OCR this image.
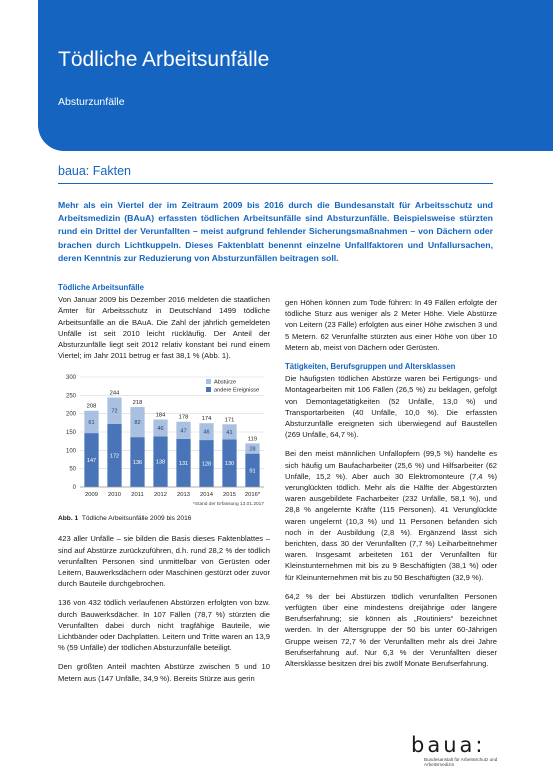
Tödliche Arbeitsunfälle
Absturzunfälle
baua: Fakten

Mehr als ein Viertel der im Zeitraum 2009 bis 2016 durch die Bundesanstalt für Arbeitsschutz und Arbeitsmedizin (BAuA) erfassten tödlichen Arbeitsunfälle sind Absturzunfälle. Beispielsweise stürzten rund ein Drittel der Verunfallten – meist aufgrund fehlender Sicherungsmaßnahmen – von Dächern oder brachen durch Lichtkuppeln. Dieses Faktenblatt benennt einzelne Unfallfaktoren und Unfallursachen, deren Kenntnis zur Reduzierung von Absturzunfällen beitragen soll.

Tödliche Arbeitsunfälle

Von Januar 2009 bis Dezember 2016 meldeten die staatlichen Ämter für Arbeitsschutz in Deutschland 1499 tödliche Arbeitsunfälle an die BAuA. Die Zahl der jährlich gemeldeten Unfälle ist seit 2010 leicht rückläufig. Der Anteil der Absturzunfälle liegt seit 2012 relativ konstant bei rund einem Viertel; im Jahr 2011 betrug er fast 38,1 % (Abb. 1).

0
50
100
150
200
250
300
147
61
208
2009
172
72
244
2010
136
82
218
2011
138
46
184
2012
131
47
178
2013
128
46
174
2014
130
41
171
2015
91
28
119
2016*
Abstürze
andere Ereignisse
*Stand der Erfassung 13.01.2017

Abb. 1 Tödliche Arbeitsunfälle 2009 bis 2016

423 aller Unfälle – sie bilden die Basis dieses Faktenblattes – sind auf Abstürze zurückzuführen, d.h. rund 28,2 % der tödlich verunfallten Personen sind unmittelbar von Gerüsten oder Leitern, Bauwerksdächern oder Maschinen gestürzt oder zuvor durch Bauteile durchgebrochen.

136 von 432 tödlich verlaufenen Abstürzen erfolgten von bzw. durch Bauwerksdächer. In 107 Fällen (78,7 %) stürzten die Verunfallten dabei durch nicht tragfähige Bauteile, wie Lichtbänder oder Dachplatten. Leitern und Tritte waren an 13,9 % (59 Unfälle) der tödlichen Absturzunfälle beteiligt.

Den größten Anteil machten Abstürze zwischen 5 und 10 Metern aus (147 Unfälle, 34,9 %). Bereits Stürze aus gerin

gen Höhen können zum Tode führen: In 49 Fällen erfolgte der tödliche Sturz aus weniger als 2 Meter Höhe. Viele Abstürze von Leitern (23 Fälle) erfolgten aus einer Höhe zwischen 3 und 5 Metern. 62 Verunfallte stürzten aus einer Höhe von über 10 Metern ab, meist von Dächern oder Gerüsten.

Tätigkeiten, Berufsgruppen und Altersklassen

Die häufigsten tödlichen Abstürze waren bei Fertigungs- und Montagearbeiten mit 106 Fällen (26,5 %) zu beklagen, gefolgt von Demontagetätigkeiten (52 Unfälle, 13,0 %) und Transportarbeiten (40 Unfälle, 10,0 %). Die erfassten Absturzunfälle ereigneten sich überwiegend auf Baustellen (269 Unfälle, 64,7 %).

Bei den meist männlichen Unfallopfern (99,5 %) handelte es sich häufig um Baufacharbeiter (25,6 %) und Hilfsarbeiter (62 Unfälle, 15,2 %). Aber auch 30 Elektromonteure (7,4 %) verunglückten tödlich. Mehr als die Hälfte der Abgestürzten waren ausgebildete Facharbeiter (232 Unfälle, 58,1 %), und 28,8 % angelernte Kräfte (115 Personen). 41 Verunglückte waren ungelernt (10,3 %) und 11 Personen befanden sich noch in der Ausbildung (2,8 %). Ergänzend lässt sich berichten, dass 30 der Verunfallten (7,7 %) Leiharbeitnehmer waren. Insgesamt arbeiteten 161 der Verunfallten für Kleinstunternehmen mit bis zu 9 Beschäftigten (38,1 %) oder für Kleinunternehmen mit bis zu 50 Beschäftigten (32,9 %).

64,2 % der bei Abstürzen tödlich verunfallten Personen verfügten über eine mindestens dreijährige oder längere Berufserfahrung; sie können als „Routiniers“ bezeichnet werden. In der Altersgruppe der 50 bis unter 60-Jährigen Gruppe weisen 72,7 % der Verunfallten mehr als drei Jahre Berufserfahrung auf. Nur 6,3 % der Verunfallten dieser Altersklasse besitzen drei bis zwölf Monate Berufserfahrung.

baua:
Bundesanstalt für Arbeitsschutz und Arbeitsmedizin
